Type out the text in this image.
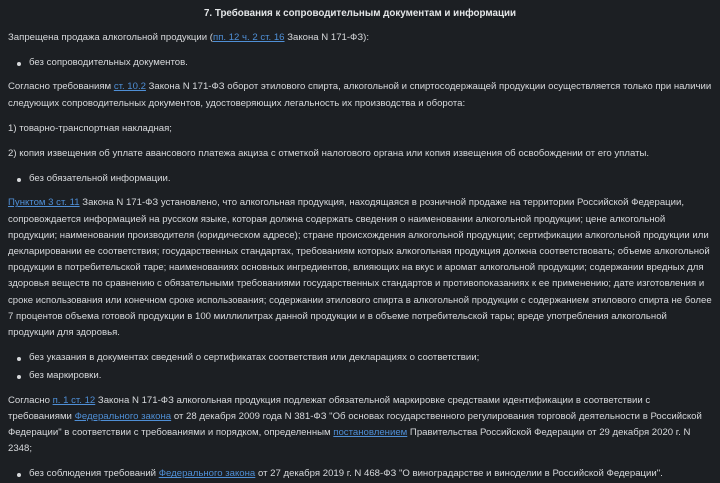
7. Требования к сопроводительным документам и информации

Запрещена продажа алкогольной продукции (пп. 12 ч. 2 ст. 16 Закона N 171-ФЗ):

без сопроводительных документов.

Согласно требованиям ст. 10.2 Закона N 171-ФЗ оборот этилового спирта, алкогольной и спиртосодержащей продукции осуществляется только при наличии следующих сопроводительных документов, удостоверяющих легальность их производства и оборота:

1) товарно-транспортная накладная;

2) копия извещения об уплате авансового платежа акциза с отметкой налогового органа или копия извещения об освобождении от его уплаты.

без обязательной информации.

Пунктом 3 ст. 11 Закона N 171-ФЗ установлено, что алкогольная продукция, находящаяся в розничной продаже на территории Российской Федерации, сопровождается информацией на русском языке, которая должна содержать сведения о наименовании алкогольной продукции; цене алкогольной продукции; наименовании производителя (юридическом адресе); стране происхождения алкогольной продукции; сертификации алкогольной продукции или декларировании ее соответствия; государственных стандартах, требованиям которых алкогольная продукция должна соответствовать; объеме алкогольной продукции в потребительской таре; наименованиях основных ингредиентов, влияющих на вкус и аромат алкогольной продукции; содержании вредных для здоровья веществ по сравнению с обязательными требованиями государственных стандартов и противопоказаниях к ее применению; дате изготовления и сроке использования или конечном сроке использования; содержании этилового спирта в алкогольной продукции с содержанием этилового спирта не более 7 процентов объема готовой продукции в 100 миллилитрах данной продукции и в объеме потребительской тары; вреде употребления алкогольной продукции для здоровья.

без указания в документах сведений о сертификатах соответствия или декларациях о соответствии;
без маркировки.

Согласно п. 1 ст. 12 Закона N 171-ФЗ алкогольная продукция подлежат обязательной маркировке средствами идентификации в соответствии с требованиями Федерального закона от 28 декабря 2009 года N 381-ФЗ "Об основах государственного регулирования торговой деятельности в Российской Федерации" в соответствии с требованиями и порядком, определенным постановлением Правительства Российской Федерации от 29 декабря 2020 г. N 2348;

без соблюдения требований Федерального закона от 27 декабря 2019 г. N 468-ФЗ "О виноградарстве и виноделии в Российской Федерации".
